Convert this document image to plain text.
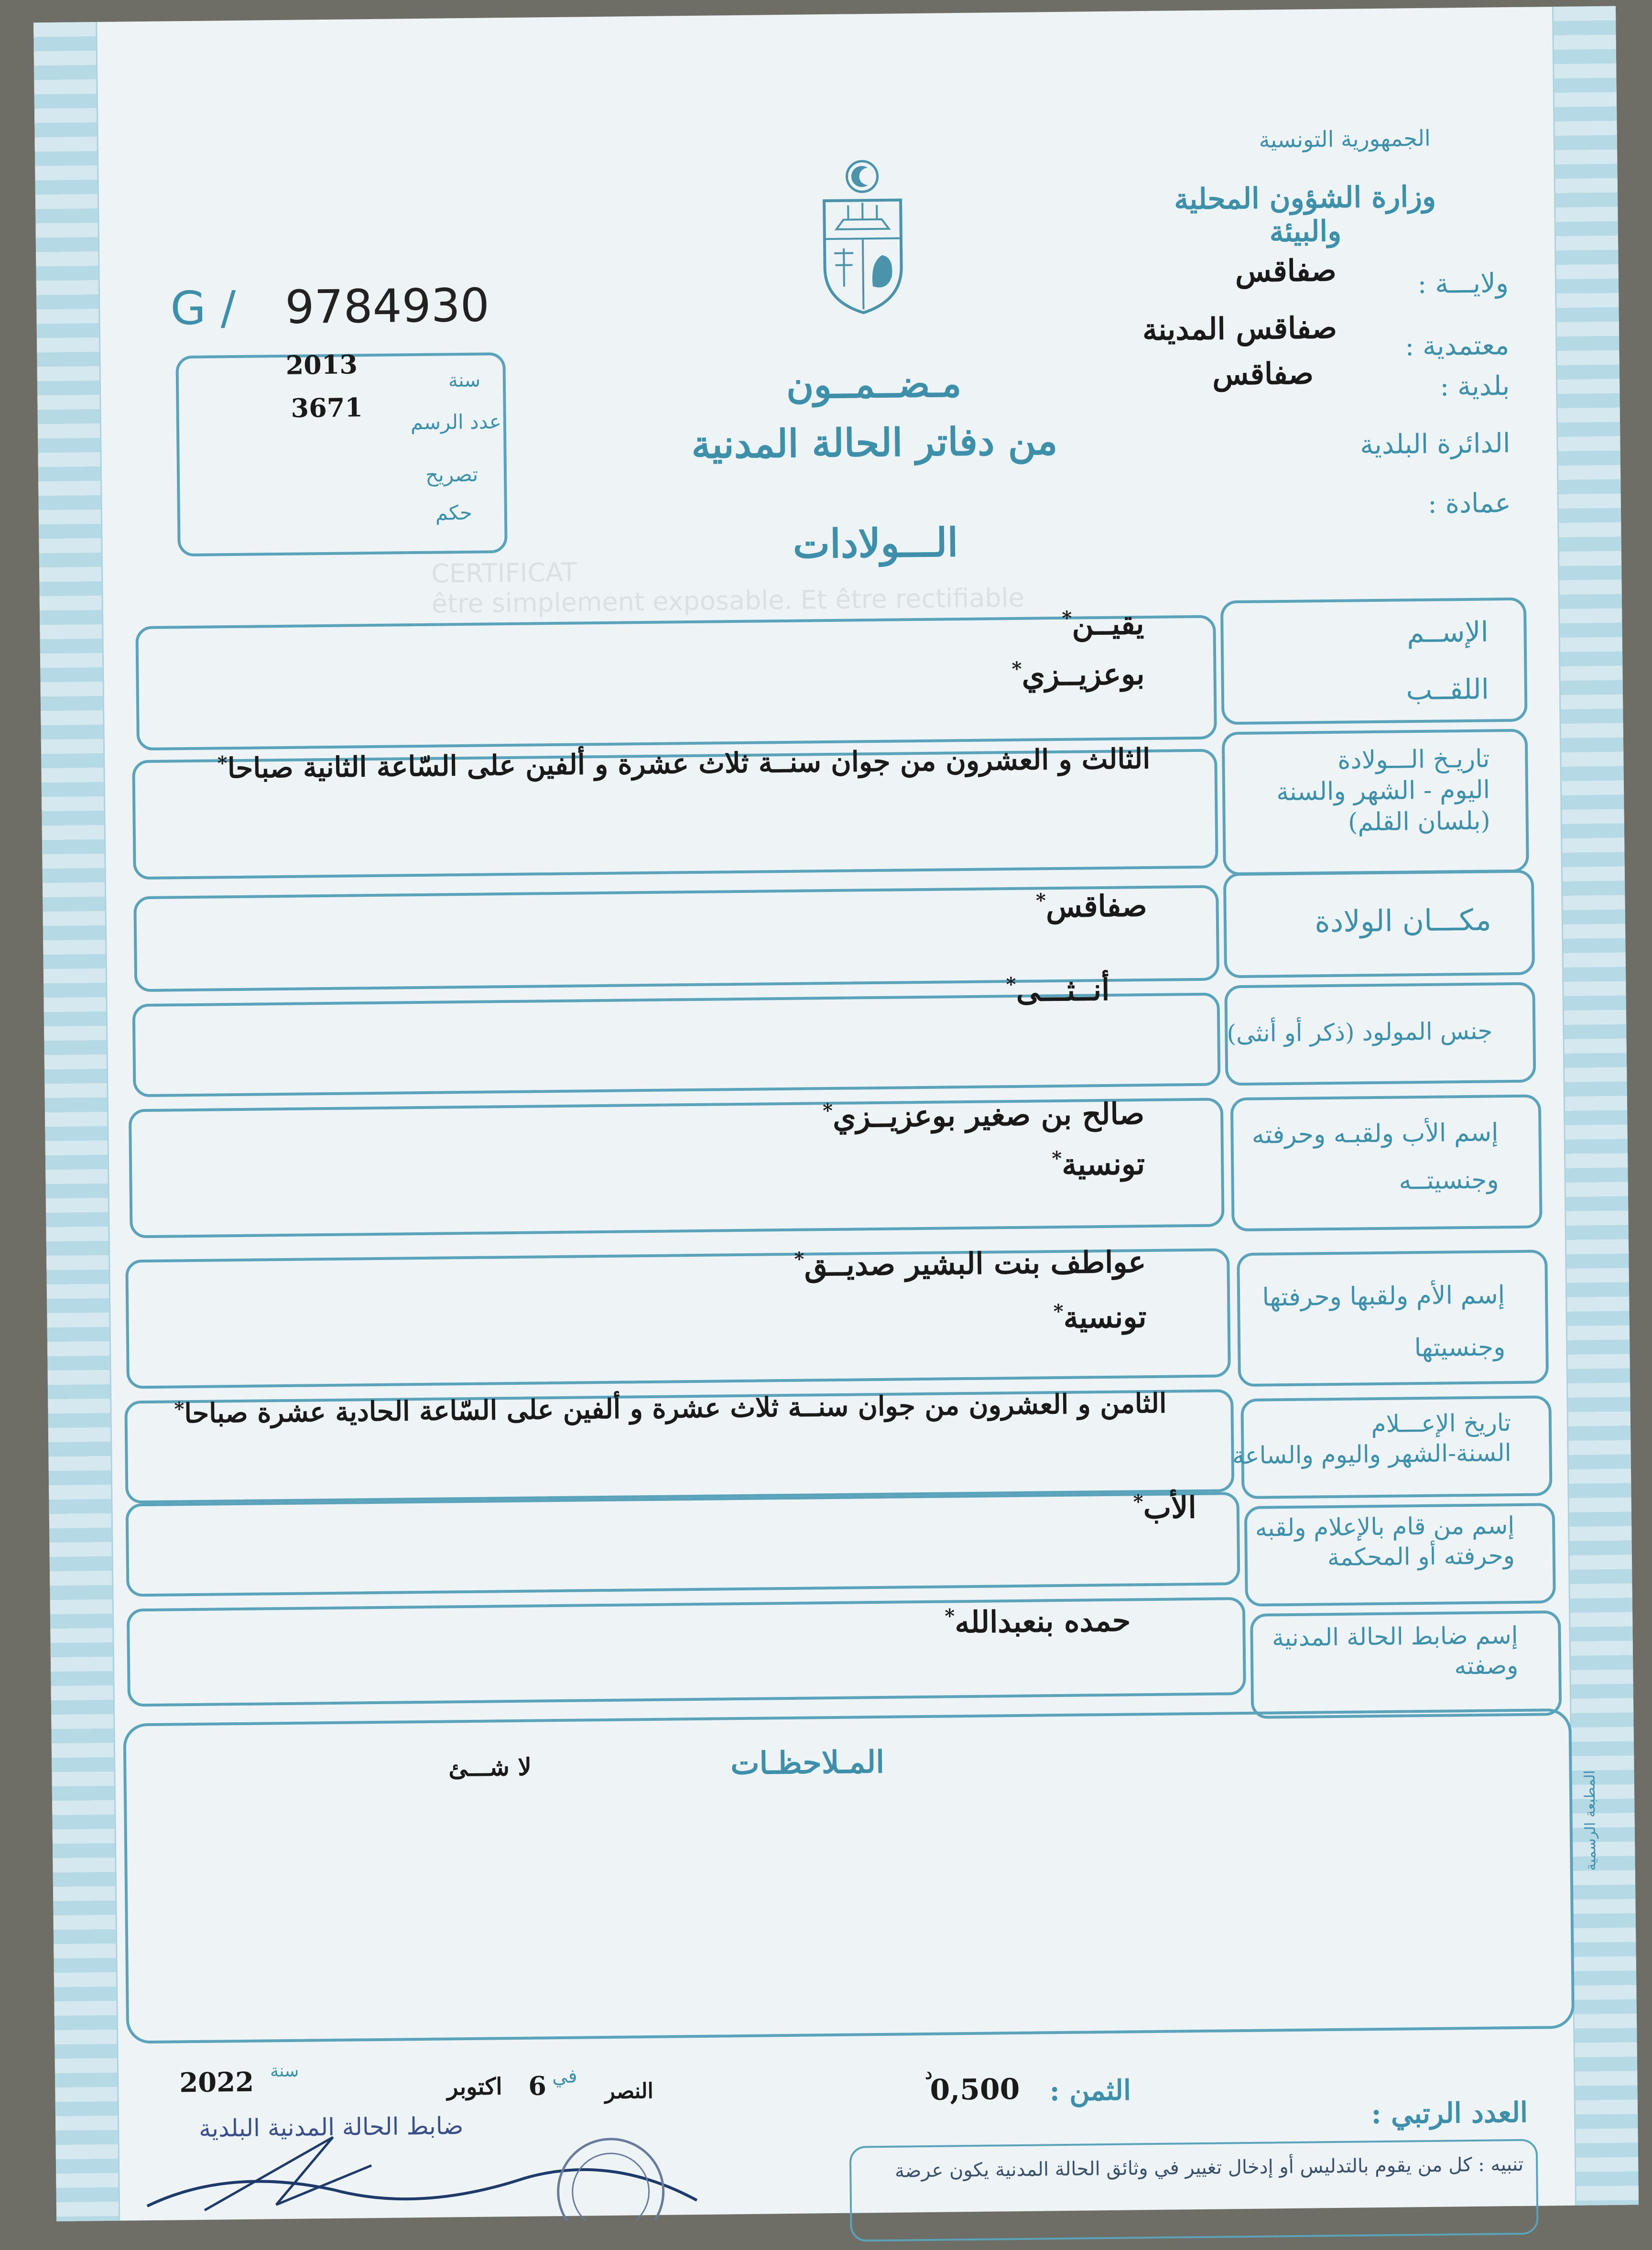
CERTIFICAT
être simplement exposable. Et être rectifiable
الجمهورية التونسية
وزارة الشؤون المحلية
والبيئة
ولايـــة :
صفاقس
معتمدية :
صفاقس المدينة
بلدية :
صفاقس
الدائرة البلدية
عمادة :
G / 9784930
2013
سنة
3671 عدد الرسم
تصريح
حكم
مـضــمــون
من دفاتر الحالة المدنية
الـــولادات
الإســم
اللقــب
يقيــن*
بوعزيــزي*
تاريـخ الـــولادة
اليوم - الشهر والسنة
(بلسان القلم)
الثالث و العشرون من جوان سنــة ثلاث عشرة و ألفين على السّاعة الثانية صباحا*
مكـــان الولادة
صفاقس*
جنس المولود (ذكر أو أنثى)
أنــثـــى*
إسم الأب ولقبـه وحرفته
وجنسيتــه
صالح بن صغير بوعزيــزي*
تونسية*
إسم الأم ولقبها وحرفتها
وجنسيتها
عواطف بنت البشير صديــق*
تونسية*
تاريخ الإعـــلام
السنة-الشهر واليوم والساعة
الثامن و العشرون من جوان سنــة ثلاث عشرة و ألفين على السّاعة الحادية عشرة صباحا*
إسم من قام بالإعلام ولقبه
وحرفته أو المحكمة
الأب*
إسم ضابط الحالة المدنية
وصفته
حمده بنعبدالله*
المـلاحظـات
لا شـــئ
2022 سنة
اكتوبر 6 في
النصر	الثمن :
0,500
د
العدد الرتبي :
ضابط الحالة المدنية البلدية
تنبيه : كل من يقوم بالتدليس أو إدخال تغيير في وثائق الحالة المدنية يكون عرضة
المطبعة الرسمية
